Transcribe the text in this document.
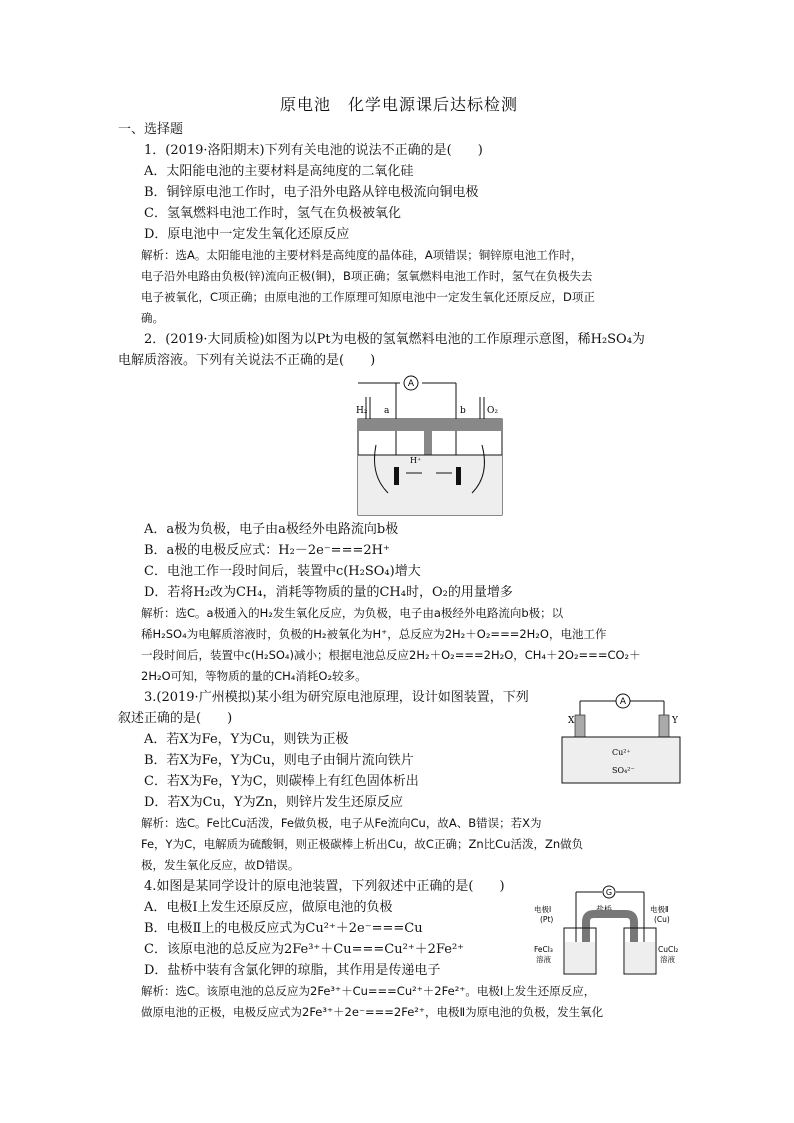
原电池　化学电源课后达标检测

一、选择题

1．(2019·洛阳期末)下列有关电池的说法不正确的是(　　)

A．太阳能电池的主要材料是高纯度的二氧化硅

B．铜锌原电池工作时，电子沿外电路从锌电极流向铜电极

C．氢氧燃料电池工作时，氢气在负极被氧化

D．原电池中一定发生氧化还原反应

解析：选A。太阳能电池的主要材料是高纯度的晶体硅，A项错误；铜锌原电池工作时，

电子沿外电路由负极(锌)流向正极(铜)，B项正确；氢氧燃料电池工作时，氢气在负极失去

电子被氧化，C项正确；由原电池的工作原理可知原电池中一定发生氧化还原反应，D项正

确。

2．(2019·大同质检)如图为以Pt为电极的氢氧燃料电池的工作原理示意图，稀H₂SO₄为

电解质溶液。下列有关说法不正确的是(　　)

A
H₂ a	b O₂
H⁺

A．a极为负极，电子由a极经外电路流向b极

B．a极的电极反应式：H₂－2e⁻===2H⁺

C．电池工作一段时间后，装置中c(H₂SO₄)增大

D．若将H₂改为CH₄，消耗等物质的量的CH₄时，O₂的用量增多

解析：选C。a极通入的H₂发生氧化反应，为负极，电子由a极经外电路流向b极；以

稀H₂SO₄为电解质溶液时，负极的H₂被氧化为H⁺，总反应为2H₂＋O₂===2H₂O，电池工作

一段时间后，装置中c(H₂SO₄)减小；根据电池总反应2H₂＋O₂===2H₂O，CH₄＋2O₂===CO₂＋

2H₂O可知，等物质的量的CH₄消耗O₂较多。

3.(2019·广州模拟)某小组为研究原电池原理，设计如图装置，下列

叙述正确的是(　　)

A．若X为Fe，Y为Cu，则铁为正极

B．若X为Fe，Y为Cu，则电子由铜片流向铁片

C．若X为Fe，Y为C，则碳棒上有红色固体析出

D．若X为Cu，Y为Zn，则锌片发生还原反应

A
X	Y
Cu²⁺
SO₄²⁻

解析：选C。Fe比Cu活泼，Fe做负极，电子从Fe流向Cu，故A、B错误；若X为

Fe，Y为C，电解质为硫酸铜，则正极碳棒上析出Cu，故C正确；Zn比Cu活泼，Zn做负

极，发生氧化反应，故D错误。

4.如图是某同学设计的原电池装置，下列叙述中正确的是(　　)

A．电极Ⅰ上发生还原反应，做原电池的负极

B．电极Ⅱ上的电极反应式为Cu²⁺＋2e⁻===Cu

C．该原电池的总反应为2Fe³⁺＋Cu===Cu²⁺＋2Fe²⁺

D．盐桥中装有含氯化钾的琼脂，其作用是传递电子

G
盐桥
电极Ⅰ
(Pt)
电极Ⅱ
(Cu)
FeCl₃
溶液
CuCl₂
溶液

解析：选C。该原电池的总反应为2Fe³⁺＋Cu===Cu²⁺＋2Fe²⁺。电极Ⅰ上发生还原反应，

做原电池的正极，电极反应式为2Fe³⁺＋2e⁻===2Fe²⁺，电极Ⅱ为原电池的负极，发生氧化
